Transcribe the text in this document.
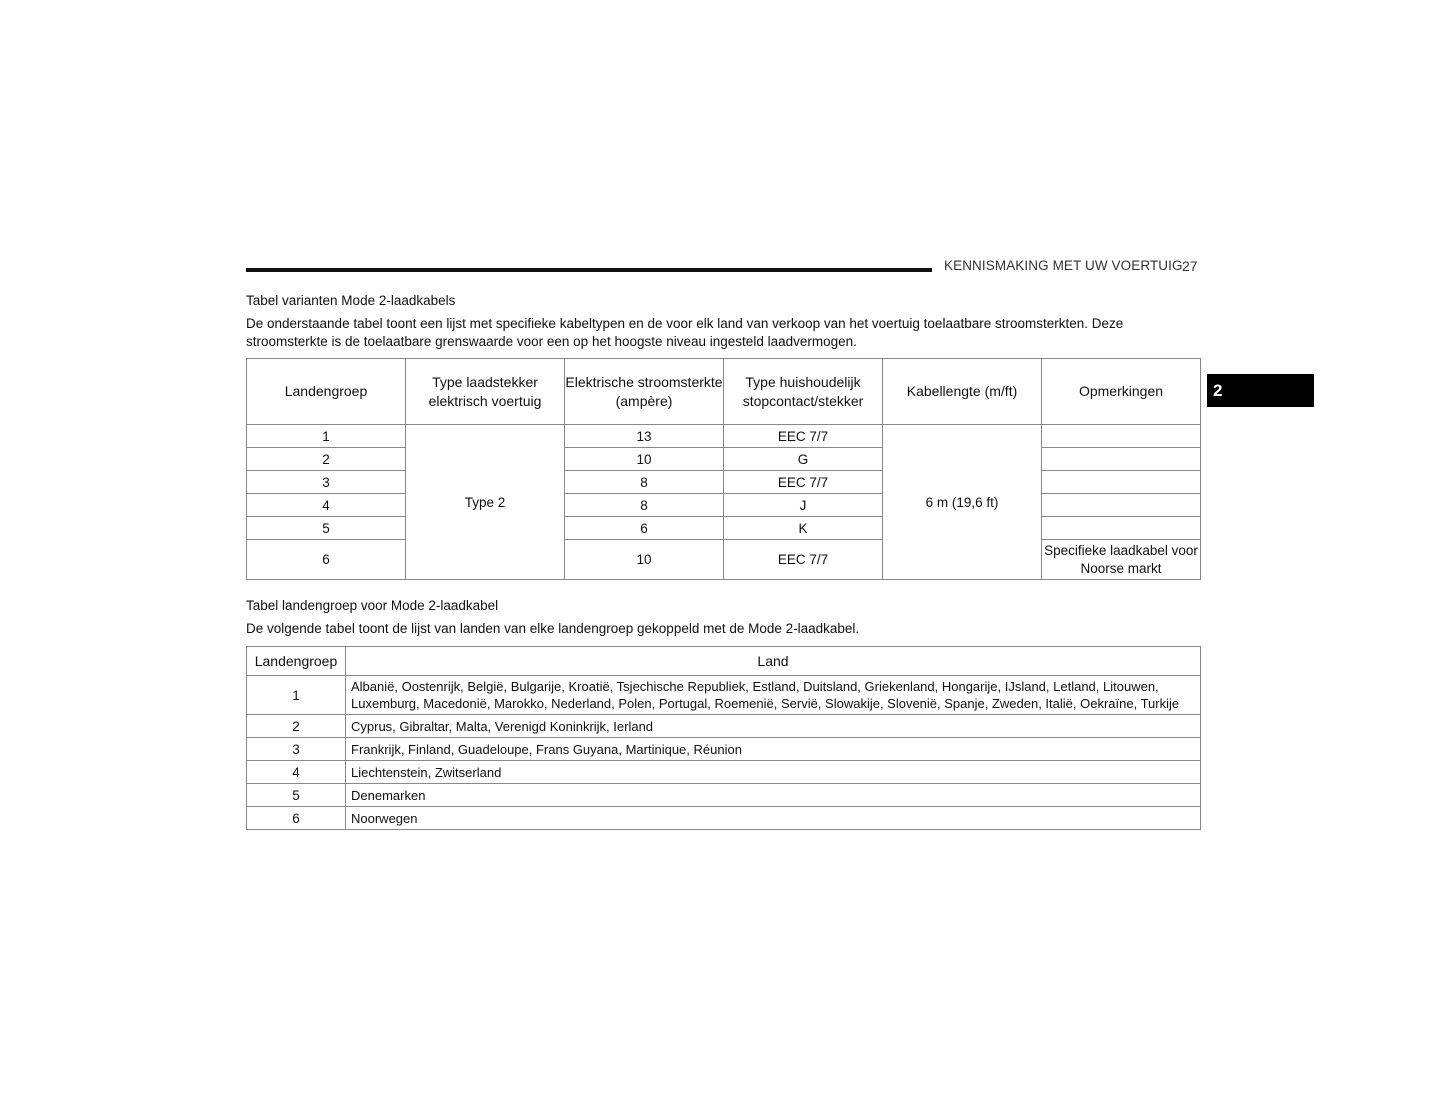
KENNISMAKING MET UW VOERTUIG 27
2
Tabel varianten Mode 2-laadkabels
De onderstaande tabel toont een lijst met specifieke kabeltypen en de voor elk land van verkoop van het voertuig toelaatbare stroomsterkten. Deze stroomsterkte is de toelaatbare grenswaarde voor een op het hoogste niveau ingesteld laadvermogen.
Landengroep	Type laadstekker elektrisch voertuig	Elektrische stroomsterkte (ampère)	Type huishoudelijk stopcontact/stekker	Kabellengte (m/ft)	Opmerkingen
1	Type 2	13	EEC 7/7	6 m (19,6 ft)	
2		10	G		
3		8	EEC 7/7		
4		8	J		
5		6	K		
6		10	EEC 7/7		Specifieke laadkabel voor Noorse markt
Tabel landengroep voor Mode 2-laadkabel
De volgende tabel toont de lijst van landen van elke landengroep gekoppeld met de Mode 2-laadkabel.
Landengroep	Land
1	Albanië, Oostenrijk, België, Bulgarije, Kroatië, Tsjechische Republiek, Estland, Duitsland, Griekenland, Hongarije, IJsland, Letland, Litouwen, Luxemburg, Macedonië, Marokko, Nederland, Polen, Portugal, Roemenië, Servië, Slowakije, Slovenië, Spanje, Zweden, Italië, Oekraïne, Turkije
2	Cyprus, Gibraltar, Malta, Verenigd Koninkrijk, Ierland
3	Frankrijk, Finland, Guadeloupe, Frans Guyana, Martinique, Réunion
4	Liechtenstein, Zwitserland
5	Denemarken
6	Noorwegen
